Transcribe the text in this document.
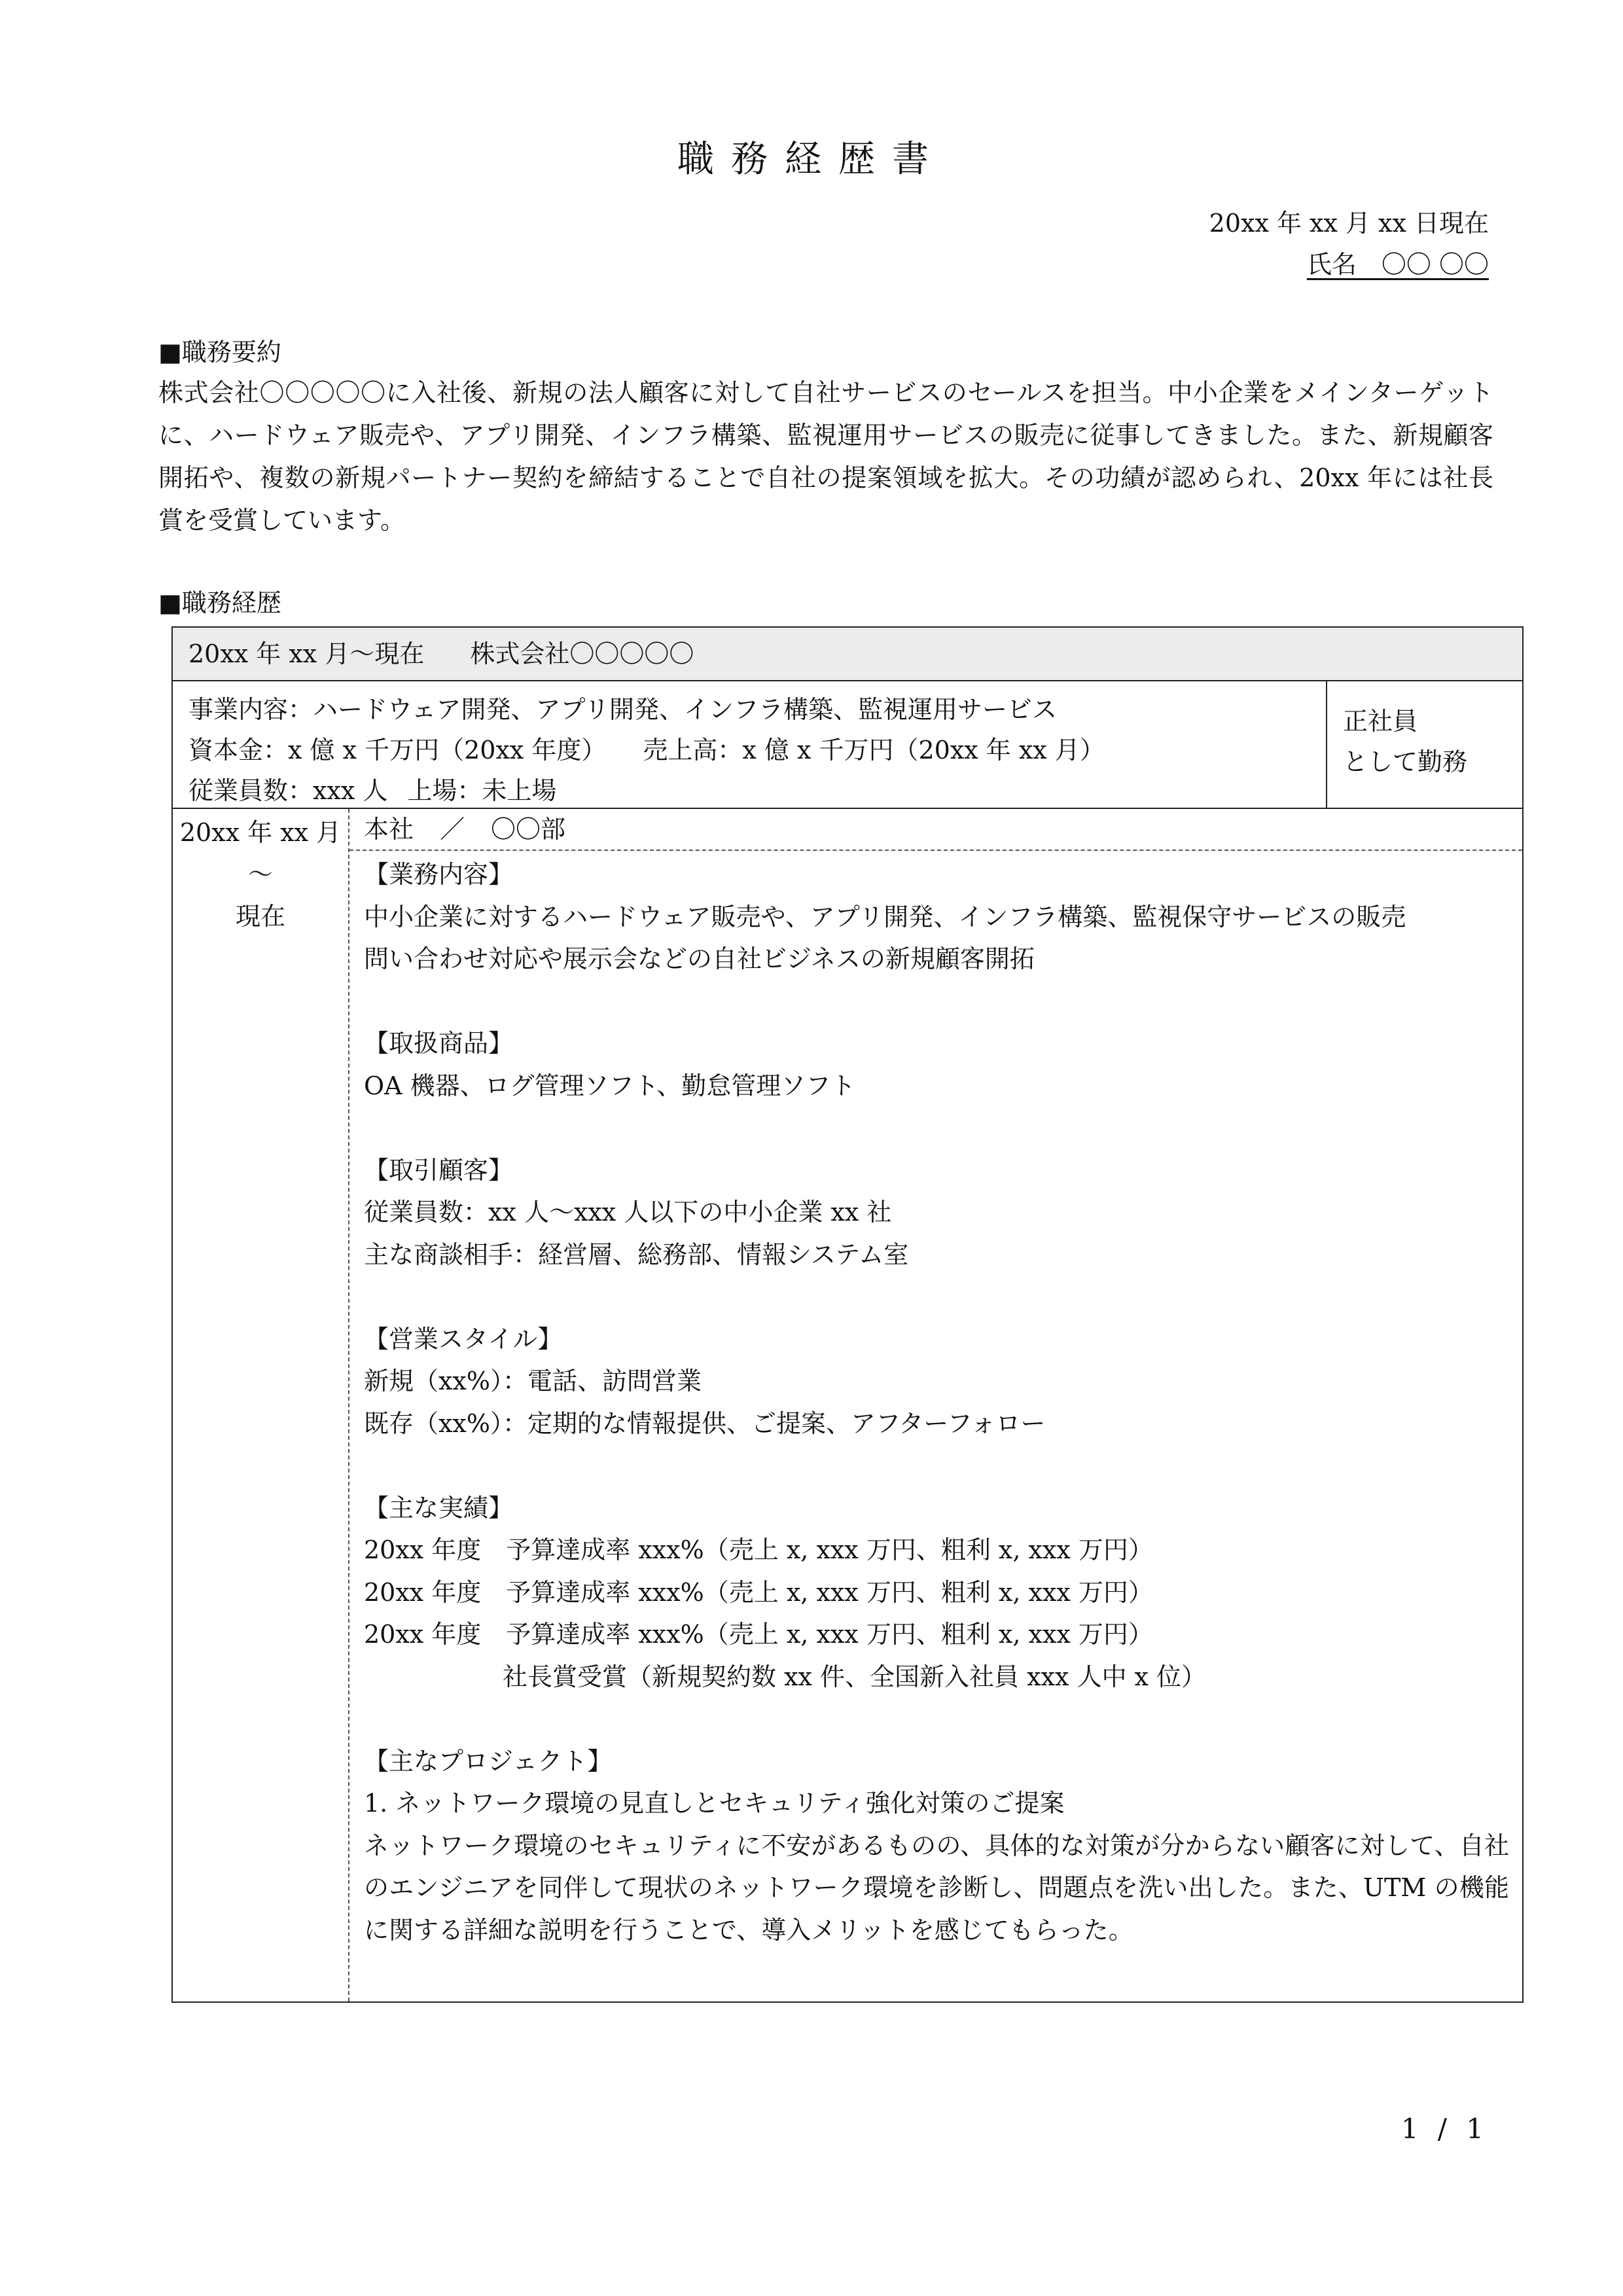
職務経歴書
20xx 年 xx 月 xx 日現在
氏名　〇〇 〇〇
■職務要約
株式会社〇〇〇〇〇に入社後、新規の法人顧客に対して自社サービスのセールスを担当。中小企業をメインターゲットに、ハードウェア販売や、アプリ開発、インフラ構築、監視運用サービスの販売に従事してきました。また、新規顧客開拓や、複数の新規パートナー契約を締結することで自社の提案領域を拡大。その功績が認められ、20xx 年には社長賞を受賞しています。
■職務経歴
20xx 年 xx 月～現在 株式会社〇〇〇〇〇
事業内容：ハードウェア開発、アプリ開発、インフラ構築、監視運用サービス
資本金：x 億 x 千万円（20xx 年度） 売上高：x 億 x 千万円（20xx 年 xx 月）
従業員数：xxx 人 上場：未上場
正社員
として勤務
20xx 年 xx 月
～
現在
本社 ／ 〇〇部
【業務内容】
中小企業に対するハードウェア販売や、アプリ開発、インフラ構築、監視保守サービスの販売
問い合わせ対応や展示会などの自社ビジネスの新規顧客開拓
【取扱商品】
OA 機器、ログ管理ソフト、勤怠管理ソフト
【取引顧客】
従業員数：xx 人～xxx 人以下の中小企業 xx 社
主な商談相手：経営層、総務部、情報システム室
【営業スタイル】
新規（xx%）：電話、訪問営業
既存（xx%）：定期的な情報提供、ご提案、アフターフォロー
【主な実績】
20xx 年度　予算達成率 xxx%（売上 x, xxx 万円、粗利 x, xxx 万円）
20xx 年度　予算達成率 xxx%（売上 x, xxx 万円、粗利 x, xxx 万円）
20xx 年度　予算達成率 xxx%（売上 x, xxx 万円、粗利 x, xxx 万円）
社長賞受賞（新規契約数 xx 件、全国新入社員 xxx 人中 x 位）
【主なプロジェクト】
1. ネットワーク環境の見直しとセキュリティ強化対策のご提案
ネットワーク環境のセキュリティに不安があるものの、具体的な対策が分からない顧客に対して、自社のエンジニアを同伴して現状のネットワーク環境を診断し、問題点を洗い出した。また、UTM の機能に関する詳細な説明を行うことで、導入メリットを感じてもらった。
1 / 1
